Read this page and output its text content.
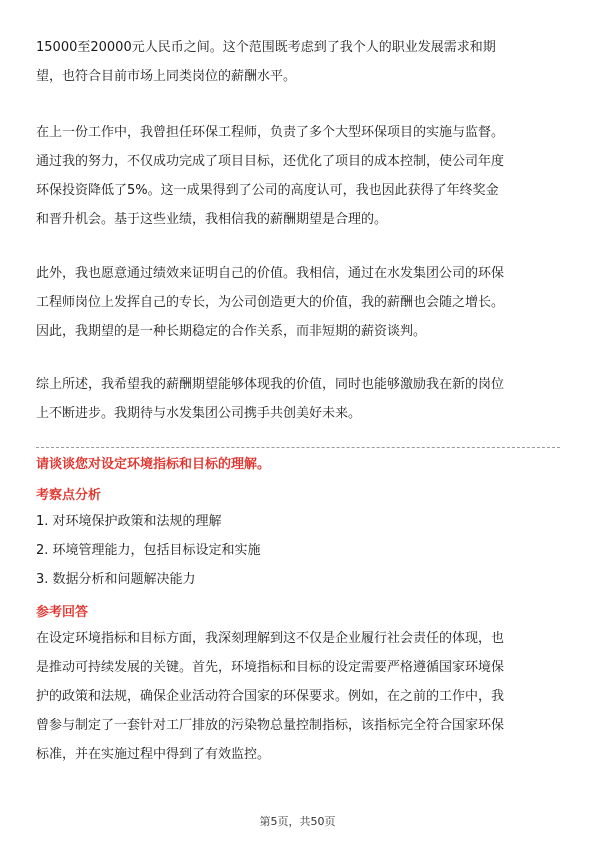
15000至20000元人民币之间。这个范围既考虑到了我个人的职业发展需求和期
望，也符合目前市场上同类岗位的薪酬水平。

在上一份工作中，我曾担任环保工程师，负责了多个大型环保项目的实施与监督。
通过我的努力，不仅成功完成了项目目标，还优化了项目的成本控制，使公司年度
环保投资降低了5%。这一成果得到了公司的高度认可，我也因此获得了年终奖金
和晋升机会。基于这些业绩，我相信我的薪酬期望是合理的。

此外，我也愿意通过绩效来证明自己的价值。我相信，通过在水发集团公司的环保
工程师岗位上发挥自己的专长，为公司创造更大的价值，我的薪酬也会随之增长。
因此，我期望的是一种长期稳定的合作关系，而非短期的薪资谈判。

综上所述，我希望我的薪酬期望能够体现我的价值，同时也能够激励我在新的岗位
上不断进步。我期待与水发集团公司携手共创美好未来。

请谈谈您对设定环境指标和目标的理解。

考察点分析

1. 对环境保护政策和法规的理解

2. 环境管理能力，包括目标设定和实施

3. 数据分析和问题解决能力

参考回答

在设定环境指标和目标方面，我深刻理解到这不仅是企业履行社会责任的体现，也
是推动可持续发展的关键。首先，环境指标和目标的设定需要严格遵循国家环境保
护的政策和法规，确保企业活动符合国家的环保要求。例如，在之前的工作中，我
曾参与制定了一套针对工厂排放的污染物总量控制指标，该指标完全符合国家环保
标准，并在实施过程中得到了有效监控。

第5页，共50页
